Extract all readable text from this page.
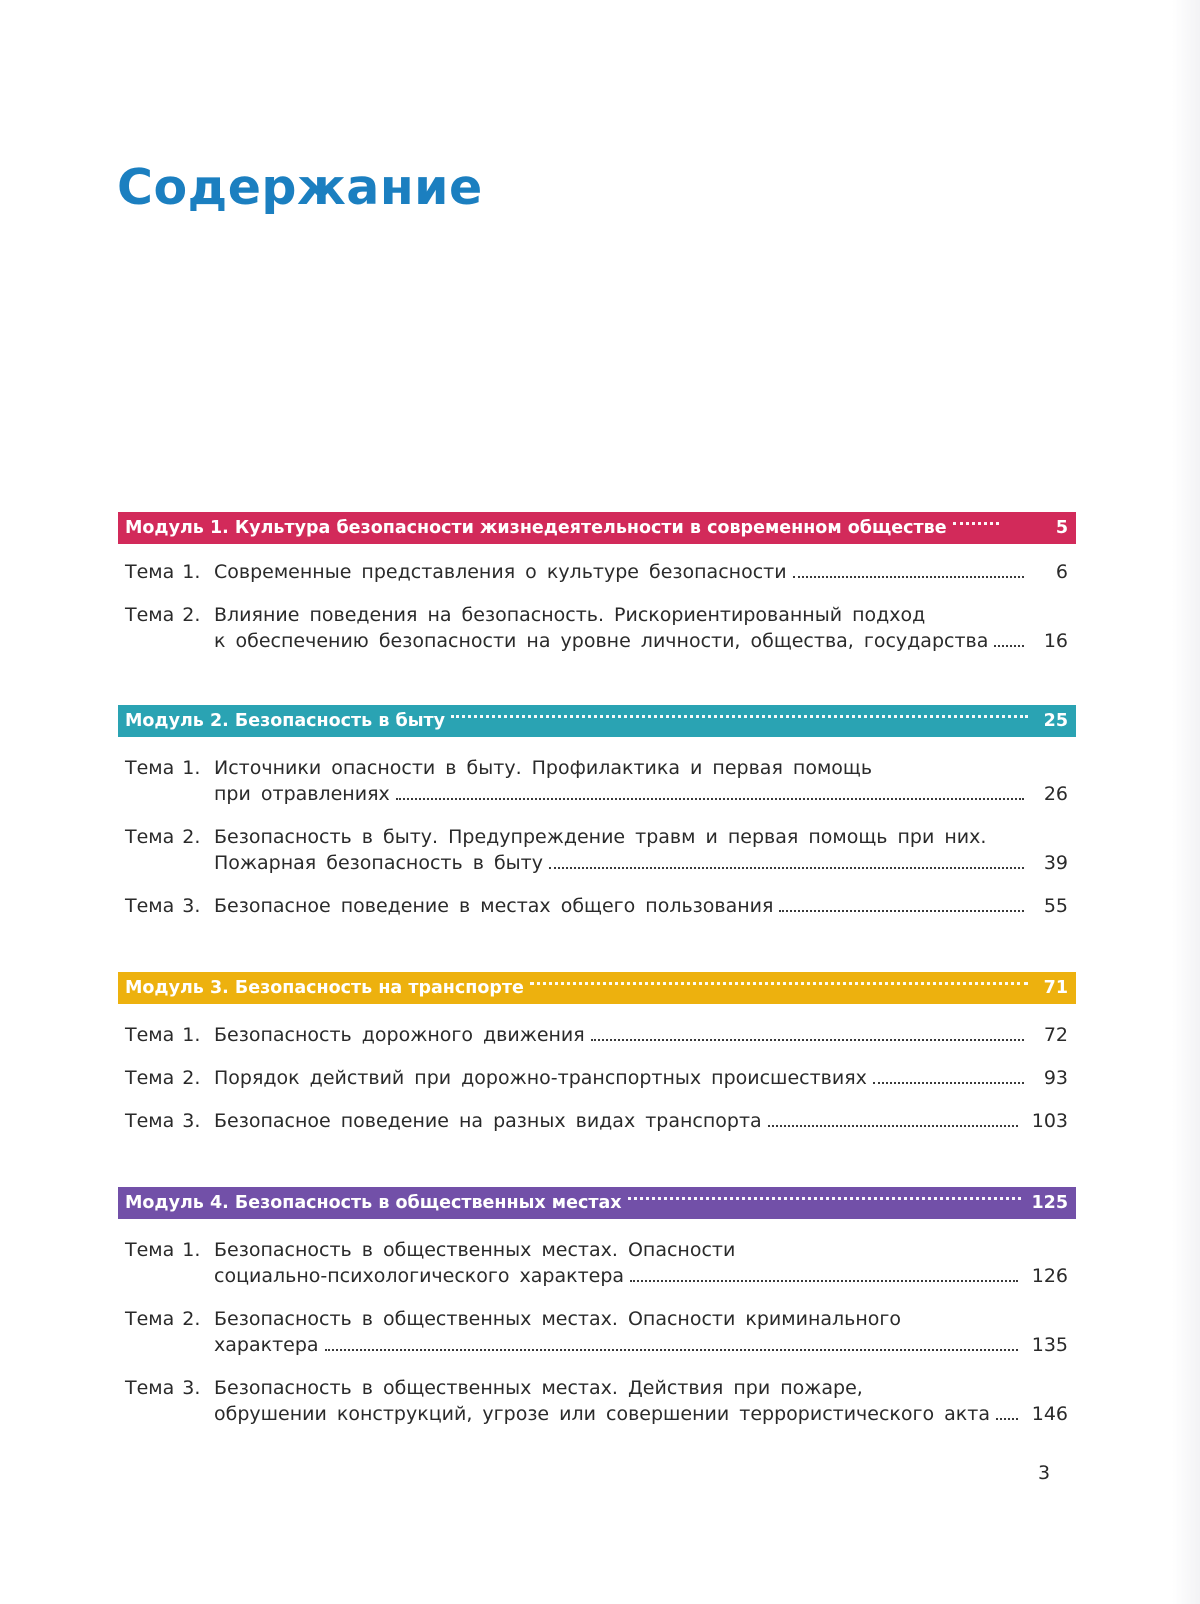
Содержание
Модуль 1. Культура безопасности жизнедеятельности в современном обществе	5
Тема 1. Современные представления о культуре безопасности	6
Тема 2. Влияние поведения на безопасность. Рискориентированный подход
к обеспечению безопасности на уровне личности, общества, государства	16
Модуль 2. Безопасность в быту	25
Тема 1. Источники опасности в быту. Профилактика и первая помощь
при отравлениях	26
Тема 2. Безопасность в быту. Предупреждение травм и первая помощь при них.
Пожарная безопасность в быту	39
Тема 3. Безопасное поведение в местах общего пользования	55
Модуль 3. Безопасность на транспорте	71
Тема 1. Безопасность дорожного движения	72
Тема 2. Порядок действий при дорожно-транспортных происшествиях	93
Тема 3. Безопасное поведение на разных видах транспорта	103
Модуль 4. Безопасность в общественных местах	125
Тема 1. Безопасность в общественных местах. Опасности
социально-психологического характера	126
Тема 2. Безопасность в общественных местах. Опасности криминального
характера	135
Тема 3. Безопасность в общественных местах. Действия при пожаре,
обрушении конструкций, угрозе или совершении террористического акта 146
3
